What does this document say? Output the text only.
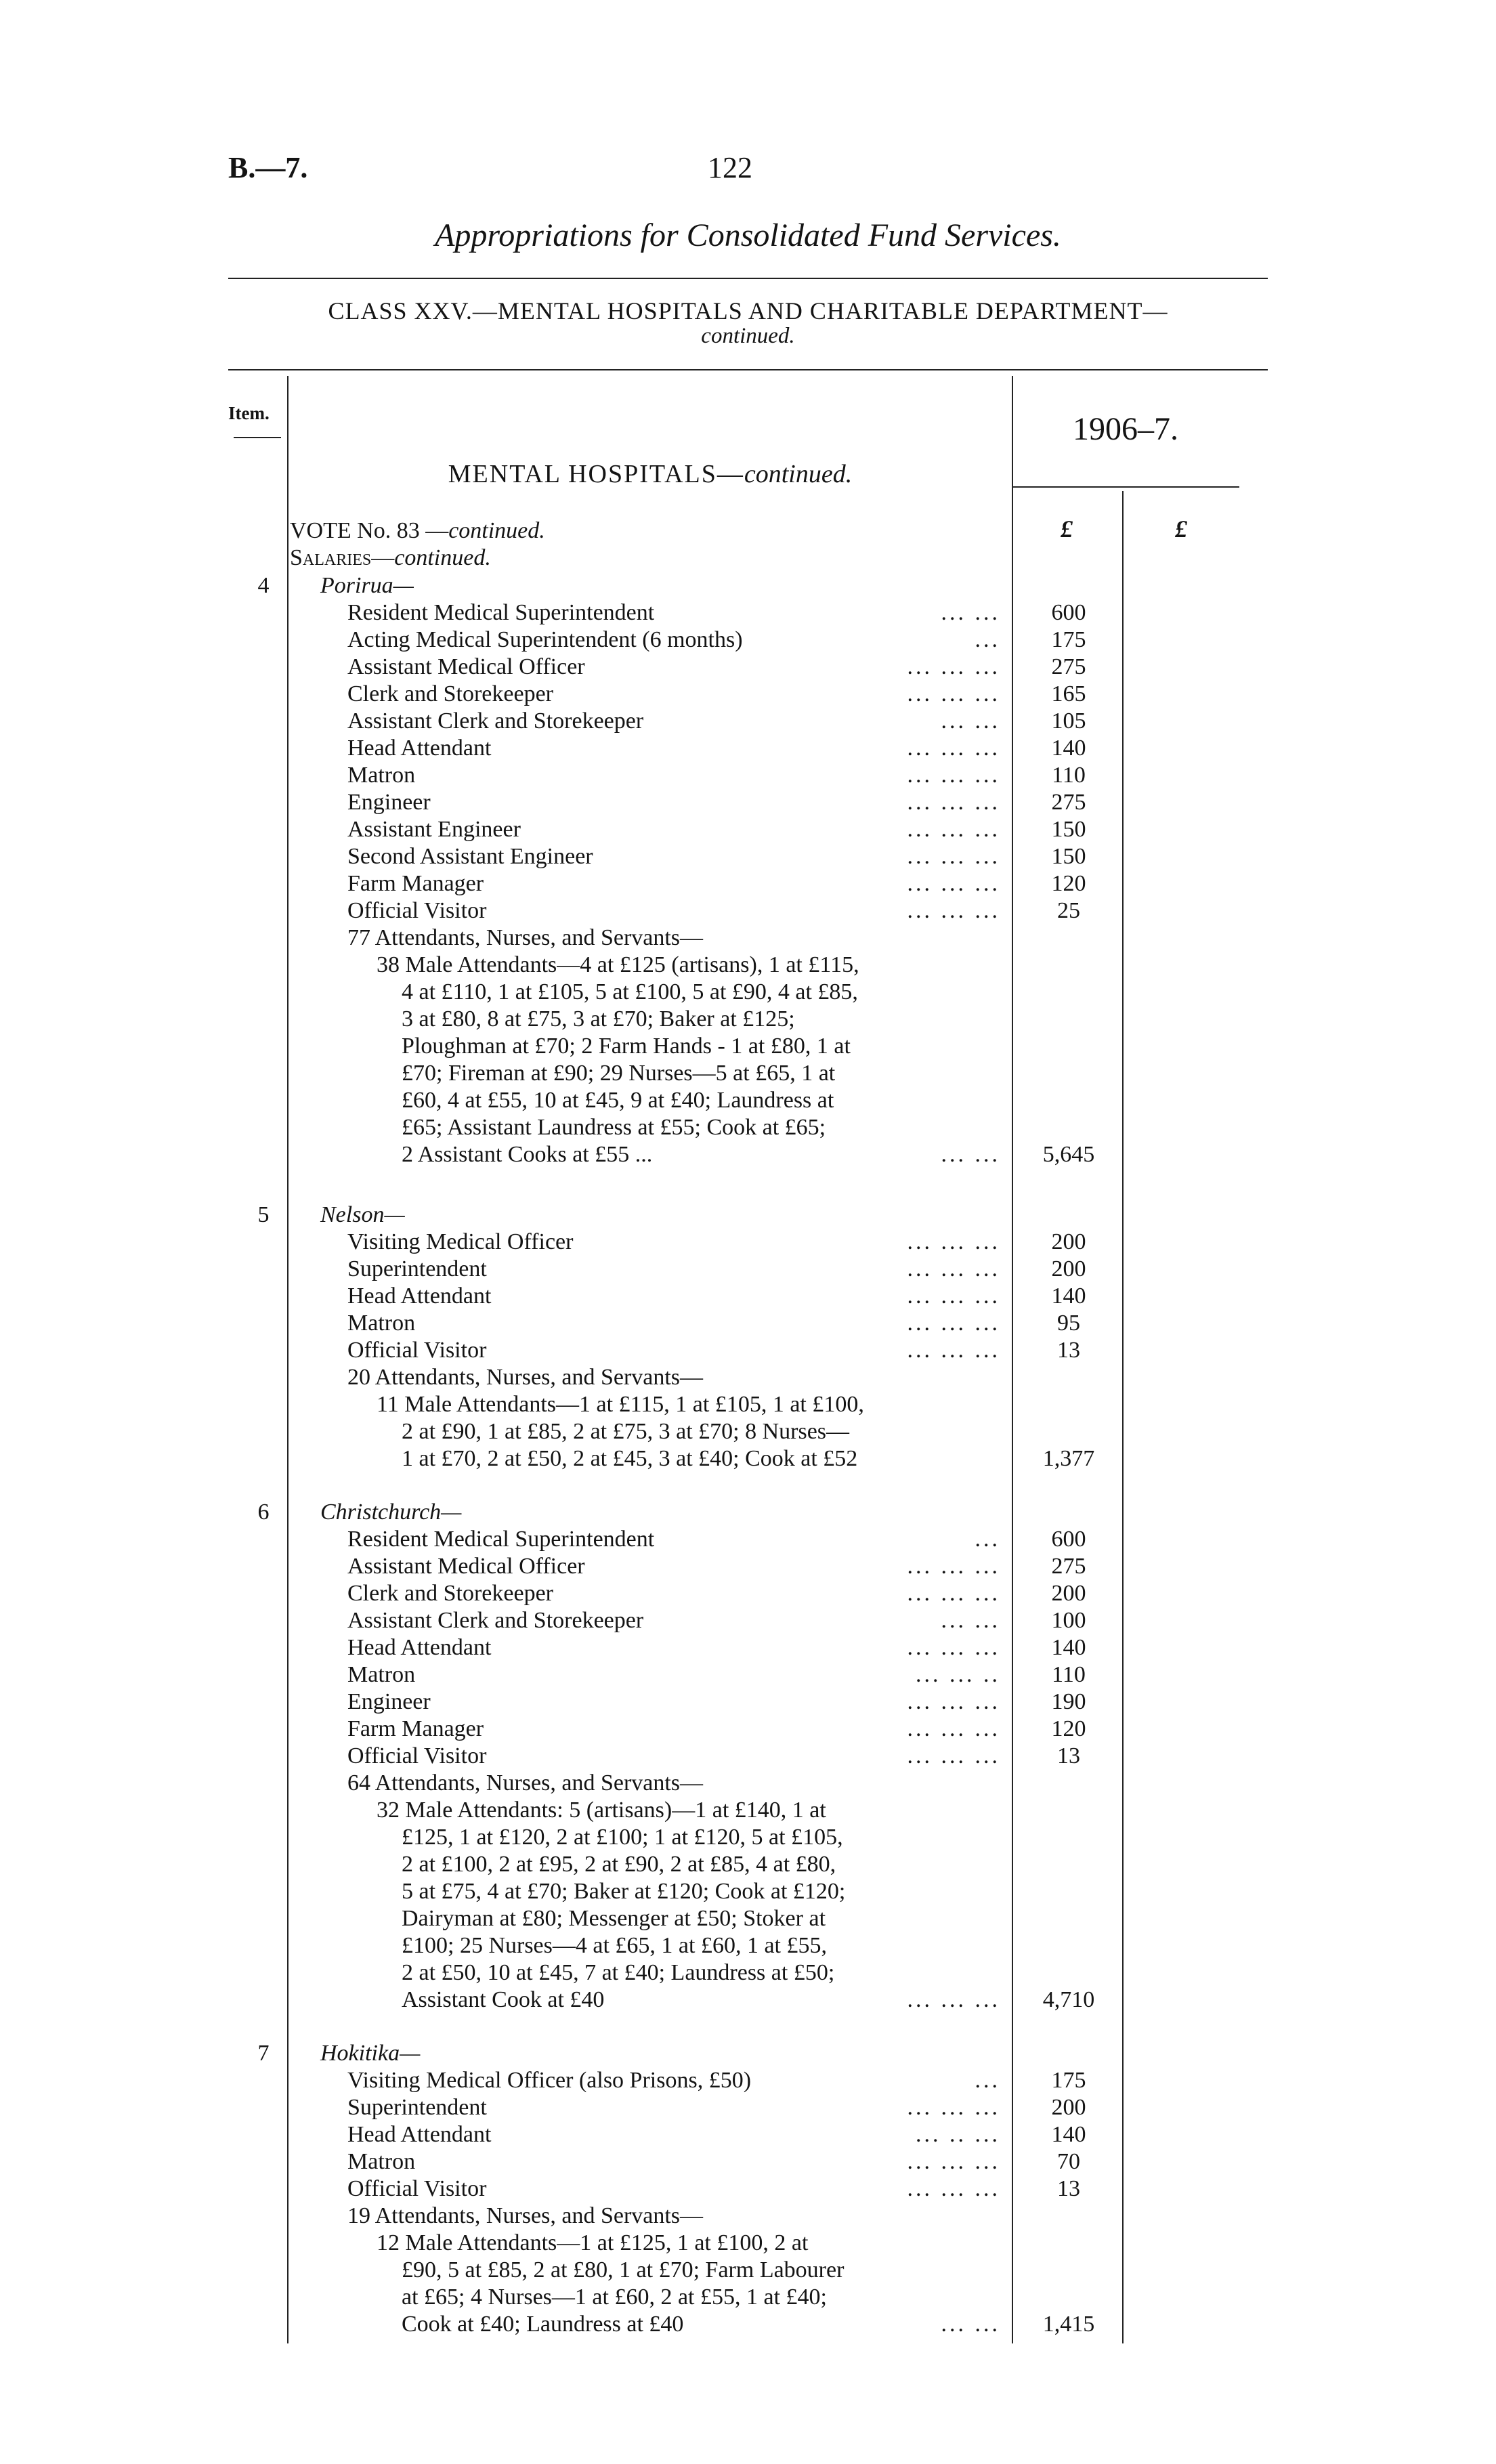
B.—7.	122
Appropriations for Consolidated Fund Services.
CLASS XXV.—MENTAL HOSPITALS AND CHARITABLE DEPARTMENT—
continued.
Item.	1906–7.
MENTAL HOSPITALS—continued.
£	£
VOTE No. 83 —continued.
Salaries—continued.
4	Porirua—
Resident Medical Superintendent	... ...	600
Acting Medical Superintendent (6 months)	...	175
Assistant Medical Officer	... ... ...	275
Clerk and Storekeeper	... ... ...	165
Assistant Clerk and Storekeeper	... ...	105
Head Attendant	... ... ...	140
Matron	... ... ...	110
Engineer	... ... ...	275
Assistant Engineer	... ... ...	150
Second Assistant Engineer	... ... ...	150
Farm Manager	... ... ...	120
Official Visitor	... ... ...	25
77 Attendants, Nurses, and Servants—
38 Male Attendants—4 at £125 (artisans), 1 at £115,
4 at £110, 1 at £105, 5 at £100, 5 at £90, 4 at £85,
3 at £80, 8 at £75, 3 at £70; Baker at £125;
Ploughman at £70; 2 Farm Hands - 1 at £80, 1 at
£70; Fireman at £90; 29 Nurses—5 at £65, 1 at
£60, 4 at £55, 10 at £45, 9 at £40; Laundress at
£65; Assistant Laundress at £55; Cook at £65;
2 Assistant Cooks at £55 ...	... ...	5,645
5	Nelson—
Visiting Medical Officer	... ... ...	200
Superintendent	... ... ...	200
Head Attendant	... ... ...	140
Matron	... ... ...	95
Official Visitor	... ... ...	13
20 Attendants, Nurses, and Servants—
11 Male Attendants—1 at £115, 1 at £105, 1 at £100,
2 at £90, 1 at £85, 2 at £75, 3 at £70; 8 Nurses—
1 at £70, 2 at £50, 2 at £45, 3 at £40; Cook at £52	1,377
6	Christchurch—
Resident Medical Superintendent	...	600
Assistant Medical Officer	... ... ...	275
Clerk and Storekeeper	... ... ...	200
Assistant Clerk and Storekeeper	... ...	100
Head Attendant	... ... ...	140
Matron	... ... ..	110
Engineer	... ... ...	190
Farm Manager	... ... ...	120
Official Visitor	... ... ...	13
64 Attendants, Nurses, and Servants—
32 Male Attendants: 5 (artisans)—1 at £140, 1 at
£125, 1 at £120, 2 at £100; 1 at £120, 5 at £105,
2 at £100, 2 at £95, 2 at £90, 2 at £85, 4 at £80,
5 at £75, 4 at £70; Baker at £120; Cook at £120;
Dairyman at £80; Messenger at £50; Stoker at
£100; 25 Nurses—4 at £65, 1 at £60, 1 at £55,
2 at £50, 10 at £45, 7 at £40; Laundress at £50;
Assistant Cook at £40	... ... ...	4,710
7	Hokitika—
Visiting Medical Officer (also Prisons, £50)	...	175
Superintendent	... ... ...	200
Head Attendant	... .. ...	140
Matron	... ... ...	70
Official Visitor	... ... ...	13
19 Attendants, Nurses, and Servants—
12 Male Attendants—1 at £125, 1 at £100, 2 at
£90, 5 at £85, 2 at £80, 1 at £70; Farm Labourer
at £65; 4 Nurses—1 at £60, 2 at £55, 1 at £40;
Cook at £40; Laundress at £40	... ...	1,415
